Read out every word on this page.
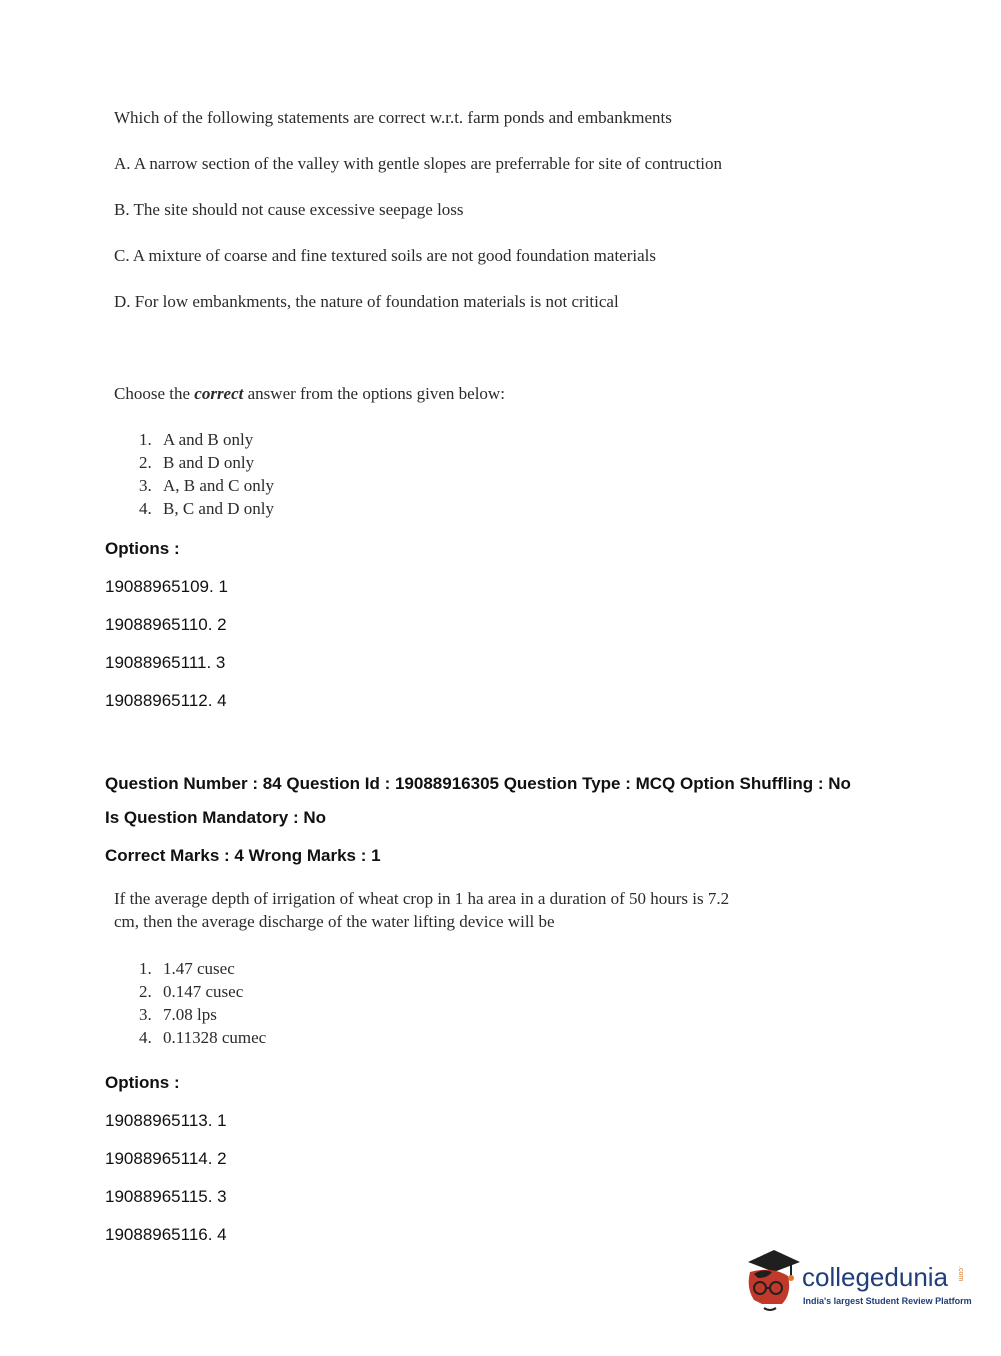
Which of the following statements are correct w.r.t. farm ponds and embankments
A. A narrow section of the valley with gentle slopes are preferrable for site of contruction
B. The site should not cause excessive seepage loss
C. A mixture of coarse and fine textured soils are not good foundation materials
D. For low embankments, the nature of foundation materials is not critical
Choose the correct answer from the options given below:
1. A and B only
2. B and D only
3. A, B and C only
4. B, C and D only
Options :
19088965109. 1
19088965110. 2
19088965111. 3
19088965112. 4
Question Number : 84 Question Id : 19088916305 Question Type : MCQ Option Shuffling : No
Is Question Mandatory : No
Correct Marks : 4 Wrong Marks : 1
If the average depth of irrigation of wheat crop in 1 ha area in a duration of 50 hours is 7.2
cm, then the average discharge of the water lifting device will be
1. 1.47 cusec
2. 0.147 cusec
3. 7.08 lps
4. 0.11328 cumec
Options :
19088965113. 1
19088965114. 2
19088965115. 3
19088965116. 4
collegedunia .com
India's largest Student Review Platform
